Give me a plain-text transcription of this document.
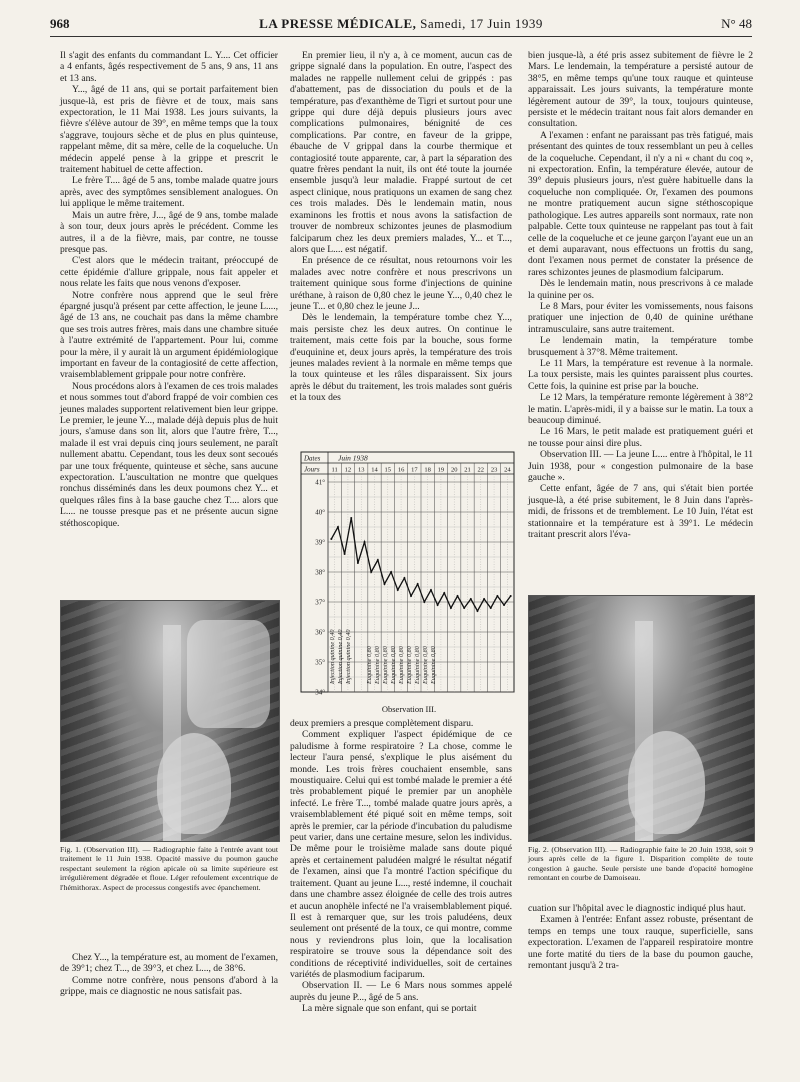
968	LA PRESSE MÉDICALE, Samedi, 17 Juin 1939	N° 48

Il s'agit des enfants du commandant L. Y.... Cet officier a 4 enfants, âgés respectivement de 5 ans, 9 ans, 11 ans et 13 ans.

Y..., âgé de 11 ans, qui se portait parfaitement bien jusque-là, est pris de fièvre et de toux, mais sans expectoration, le 11 Mai 1938. Les jours suivants, la fièvre s'élève autour de 39°, en même temps que la toux s'aggrave, toujours sèche et de plus en plus quinteuse, rappelant même, dit sa mère, celle de la coqueluche. Un médecin appelé pense à la grippe et prescrit le traitement habituel de cette affection.

Le frère T.... âgé de 5 ans, tombe malade quatre jours après, avec des symptômes sensiblement analogues. On lui applique le même traitement.

Mais un autre frère, J..., âgé de 9 ans, tombe malade à son tour, deux jours après le précédent. Comme les autres, il a de la fièvre, mais, par contre, ne tousse presque pas.

C'est alors que le médecin traitant, préoccupé de cette épidémie d'allure grippale, nous fait appeler et nous relate les faits que nous venons d'exposer.

Notre confrère nous apprend que le seul frère épargné jusqu'à présent par cette affection, le jeune L...., âgé de 13 ans, ne couchait pas dans la même chambre que ses trois autres frères, mais dans une chambre située à l'autre extrémité de l'appartement. Pour lui, comme pour la mère, il y aurait là un argument épidémiologique important en faveur de la contagiosité de cette affection, vraisemblablement grippale pour notre confrère.

Nous procédons alors à l'examen de ces trois malades et nous sommes tout d'abord frappé de voir combien ces jeunes malades supportent relativement bien leur grippe. Le premier, le jeune Y..., malade déjà depuis plus de huit jours, s'amuse dans son lit, alors que l'autre frère, T..., malade il est vrai depuis cinq jours seulement, ne paraît nullement abattu. Cependant, tous les deux sont secoués par une toux fréquente, quinteuse et sèche, sans aucune expectoration. L'auscultation ne montre que quelques ronchus disséminés dans les deux poumons chez Y... et quelques râles fins à la base gauche chez T.... alors que L.... ne tousse presque pas et ne présente aucun signe stéthoscopique.

Fig. 1. (Observation III). — Radiographie faite à l'entrée avant tout traitement le 11 Juin 1938. Opacité massive du poumon gauche respectant seulement la région apicale où sa limite supérieure est irrégulièrement dégradée et floue. Léger refoulement excentrique de l'hémithorax. Aspect de processus congestifs avec épanchement.

Chez Y..., la température est, au moment de l'examen, de 39°1; chez T..., de 39°3, et chez L..., de 38°6.

Comme notre confrère, nous pensons d'abord à la grippe, mais ce diagnostic ne nous satisfait pas.

En premier lieu, il n'y a, à ce moment, aucun cas de grippe signalé dans la population. En outre, l'aspect des malades ne rappelle nullement celui de grippés : pas d'abattement, pas de dissociation du pouls et de la température, pas d'exanthème de Tigri et surtout pour une grippe qui dure déjà depuis plusieurs jours avec complications pulmonaires, bénignité de ces complications. Par contre, en faveur de la grippe, ébauche de V grippal dans la courbe thermique et contagiosité toute apparente, car, à part la séparation des quatre frères pendant la nuit, ils ont été toute la journée ensemble jusqu'à leur maladie. Frappé surtout de cet aspect clinique, nous pratiquons un examen de sang chez ces trois malades. Dès le lendemain matin, nous examinons les frottis et nous avons la satisfaction de trouver de nombreux schizontes jeunes de plasmodium falciparum chez les deux premiers malades, Y... et T..., alors que L.... est négatif.

En présence de ce résultat, nous retournons voir les malades avec notre confrère et nous prescrivons un traitement quinique sous forme d'injections de quinine uréthane, à raison de 0,80 chez le jeune Y..., 0,40 chez le jeune T... et 0,80 chez le jeune J...

Dès le lendemain, la température tombe chez Y..., mais persiste chez les deux autres. On continue le traitement, mais cette fois par la bouche, sous forme d'euquinine et, deux jours après, la température des trois jeunes malades revient à la normale en même temps que la toux quinteuse et les râles disparaissent. Six jours après le début du traitement, les trois malades sont guéris et la toux des

Dates
Jours
Juin 1938
11 12 13 14 15 16 17 18 19 20 21 22 23 24
41°
40°
39°
38°
37°
36°
35°
34°
Injection quinine 0,40 Injection quinine 0,40 Injection quinine 0,40 Euquinine 0,80 Euquinine 0,80 Euquinine 0,80 Euquinine 0,80 Euquinine 0,80 Euquinine 0,80 Euquinine 0,80 Euquinine 0,80 Euquinine 0,80
Observation III.

deux premiers a presque complètement disparu.

Comment expliquer l'aspect épidémique de ce paludisme à forme respiratoire ? La chose, comme le lecteur l'aura pensé, s'explique le plus aisément du monde. Les trois frères couchaient ensemble, sans moustiquaire. Celui qui est tombé malade le premier a été très probablement piqué le premier par un anophèle infecté. Le frère T..., tombé malade quatre jours après, a vraisemblablement été piqué soit en même temps, soit après le premier, car la période d'incubation du paludisme peut varier, dans une certaine mesure, selon les individus. De même pour le troisième malade sans doute piqué après et certainement paludéen malgré le résultat négatif de l'examen, ainsi que l'a montré l'action spécifique du traitement. Quant au jeune L..., resté indemne, il couchait dans une chambre assez éloignée de celle des trois autres et aucun anophèle infecté ne l'a vraisemblablement piqué. Il est à remarquer que, sur les trois paludéens, deux seulement ont présenté de la toux, ce qui montre, comme nous y reviendrons plus loin, que la localisation respiratoire se trouve sous la dépendance soit des conditions de réceptivité individuelles, soit de certaines variétés de plasmodium faciparum.

Observation II. — Le 6 Mars nous sommes appelé auprès du jeune P..., âgé de 5 ans.

La mère signale que son enfant, qui se portait

bien jusque-là, a été pris assez subitement de fièvre le 2 Mars. Le lendemain, la température a persisté autour de 38°5, en même temps qu'une toux rauque et quinteuse apparaissait. Les jours suivants, la température monte légèrement autour de 39°, la toux, toujours quinteuse, persiste et le médecin traitant nous fait alors demander en consultation.

A l'examen : enfant ne paraissant pas très fatigué, mais présentant des quintes de toux ressemblant un peu à celles de la coqueluche. Cependant, il n'y a ni « chant du coq », ni expectoration. Enfin, la température élevée, autour de 39° depuis plusieurs jours, n'est guère habituelle dans la coqueluche non compliquée. Or, l'examen des poumons ne montre pratiquement aucun signe stéthoscopique pathologique. Les autres appareils sont normaux, rate non palpable. Cette toux quinteuse ne rappelant pas tout à fait celle de la coqueluche et ce jeune garçon l'ayant eue un an et demi auparavant, nous effectuons un frottis du sang, dont l'examen nous permet de constater la présence de rares schizontes jeunes de plasmodium falciparum.

Dès le lendemain matin, nous prescrivons à ce malade la quinine per os.

Le 8 Mars, pour éviter les vomissements, nous faisons pratiquer une injection de 0,40 de quinine uréthane intramusculaire, sans autre traitement.

Le lendemain matin, la température tombe brusquement à 37°8. Même traitement.

Le 11 Mars, la température est revenue à la normale. La toux persiste, mais les quintes paraissent plus courtes. Cette fois, la quinine est prise par la bouche.

Le 12 Mars, la température remonte légèrement à 38°2 le matin. L'après-midi, il y a baisse sur le matin. La toux a beaucoup diminué.

Le 16 Mars, le petit malade est pratiquement guéri et ne tousse pour ainsi dire plus.

Observation III. — La jeune L.... entre à l'hôpital, le 11 Juin 1938, pour « congestion pulmonaire de la base gauche ».

Cette enfant, âgée de 7 ans, qui s'était bien portée jusque-là, a été prise subitement, le 8 Juin dans l'après-midi, de frissons et de tremblement. Le 10 Juin, l'état est stationnaire et la température est à 39°1. Le médecin traitant prescrit alors l'éva-

Fig. 2. (Observation III). — Radiographie faite le 20 Juin 1938, soit 9 jours après celle de la figure 1. Disparition complète de toute congestion à gauche. Seule persiste une bande d'opacité homogène remontant en courbe de Damoiseau.

cuation sur l'hôpital avec le diagnostic indiqué plus haut.

Examen à l'entrée: Enfant assez robuste, présentant de temps en temps une toux rauque, superficielle, sans expectoration. L'examen de l'appareil respiratoire montre une forte matité du tiers de la base du poumon gauche, remontant jusqu'à 2 tra-
